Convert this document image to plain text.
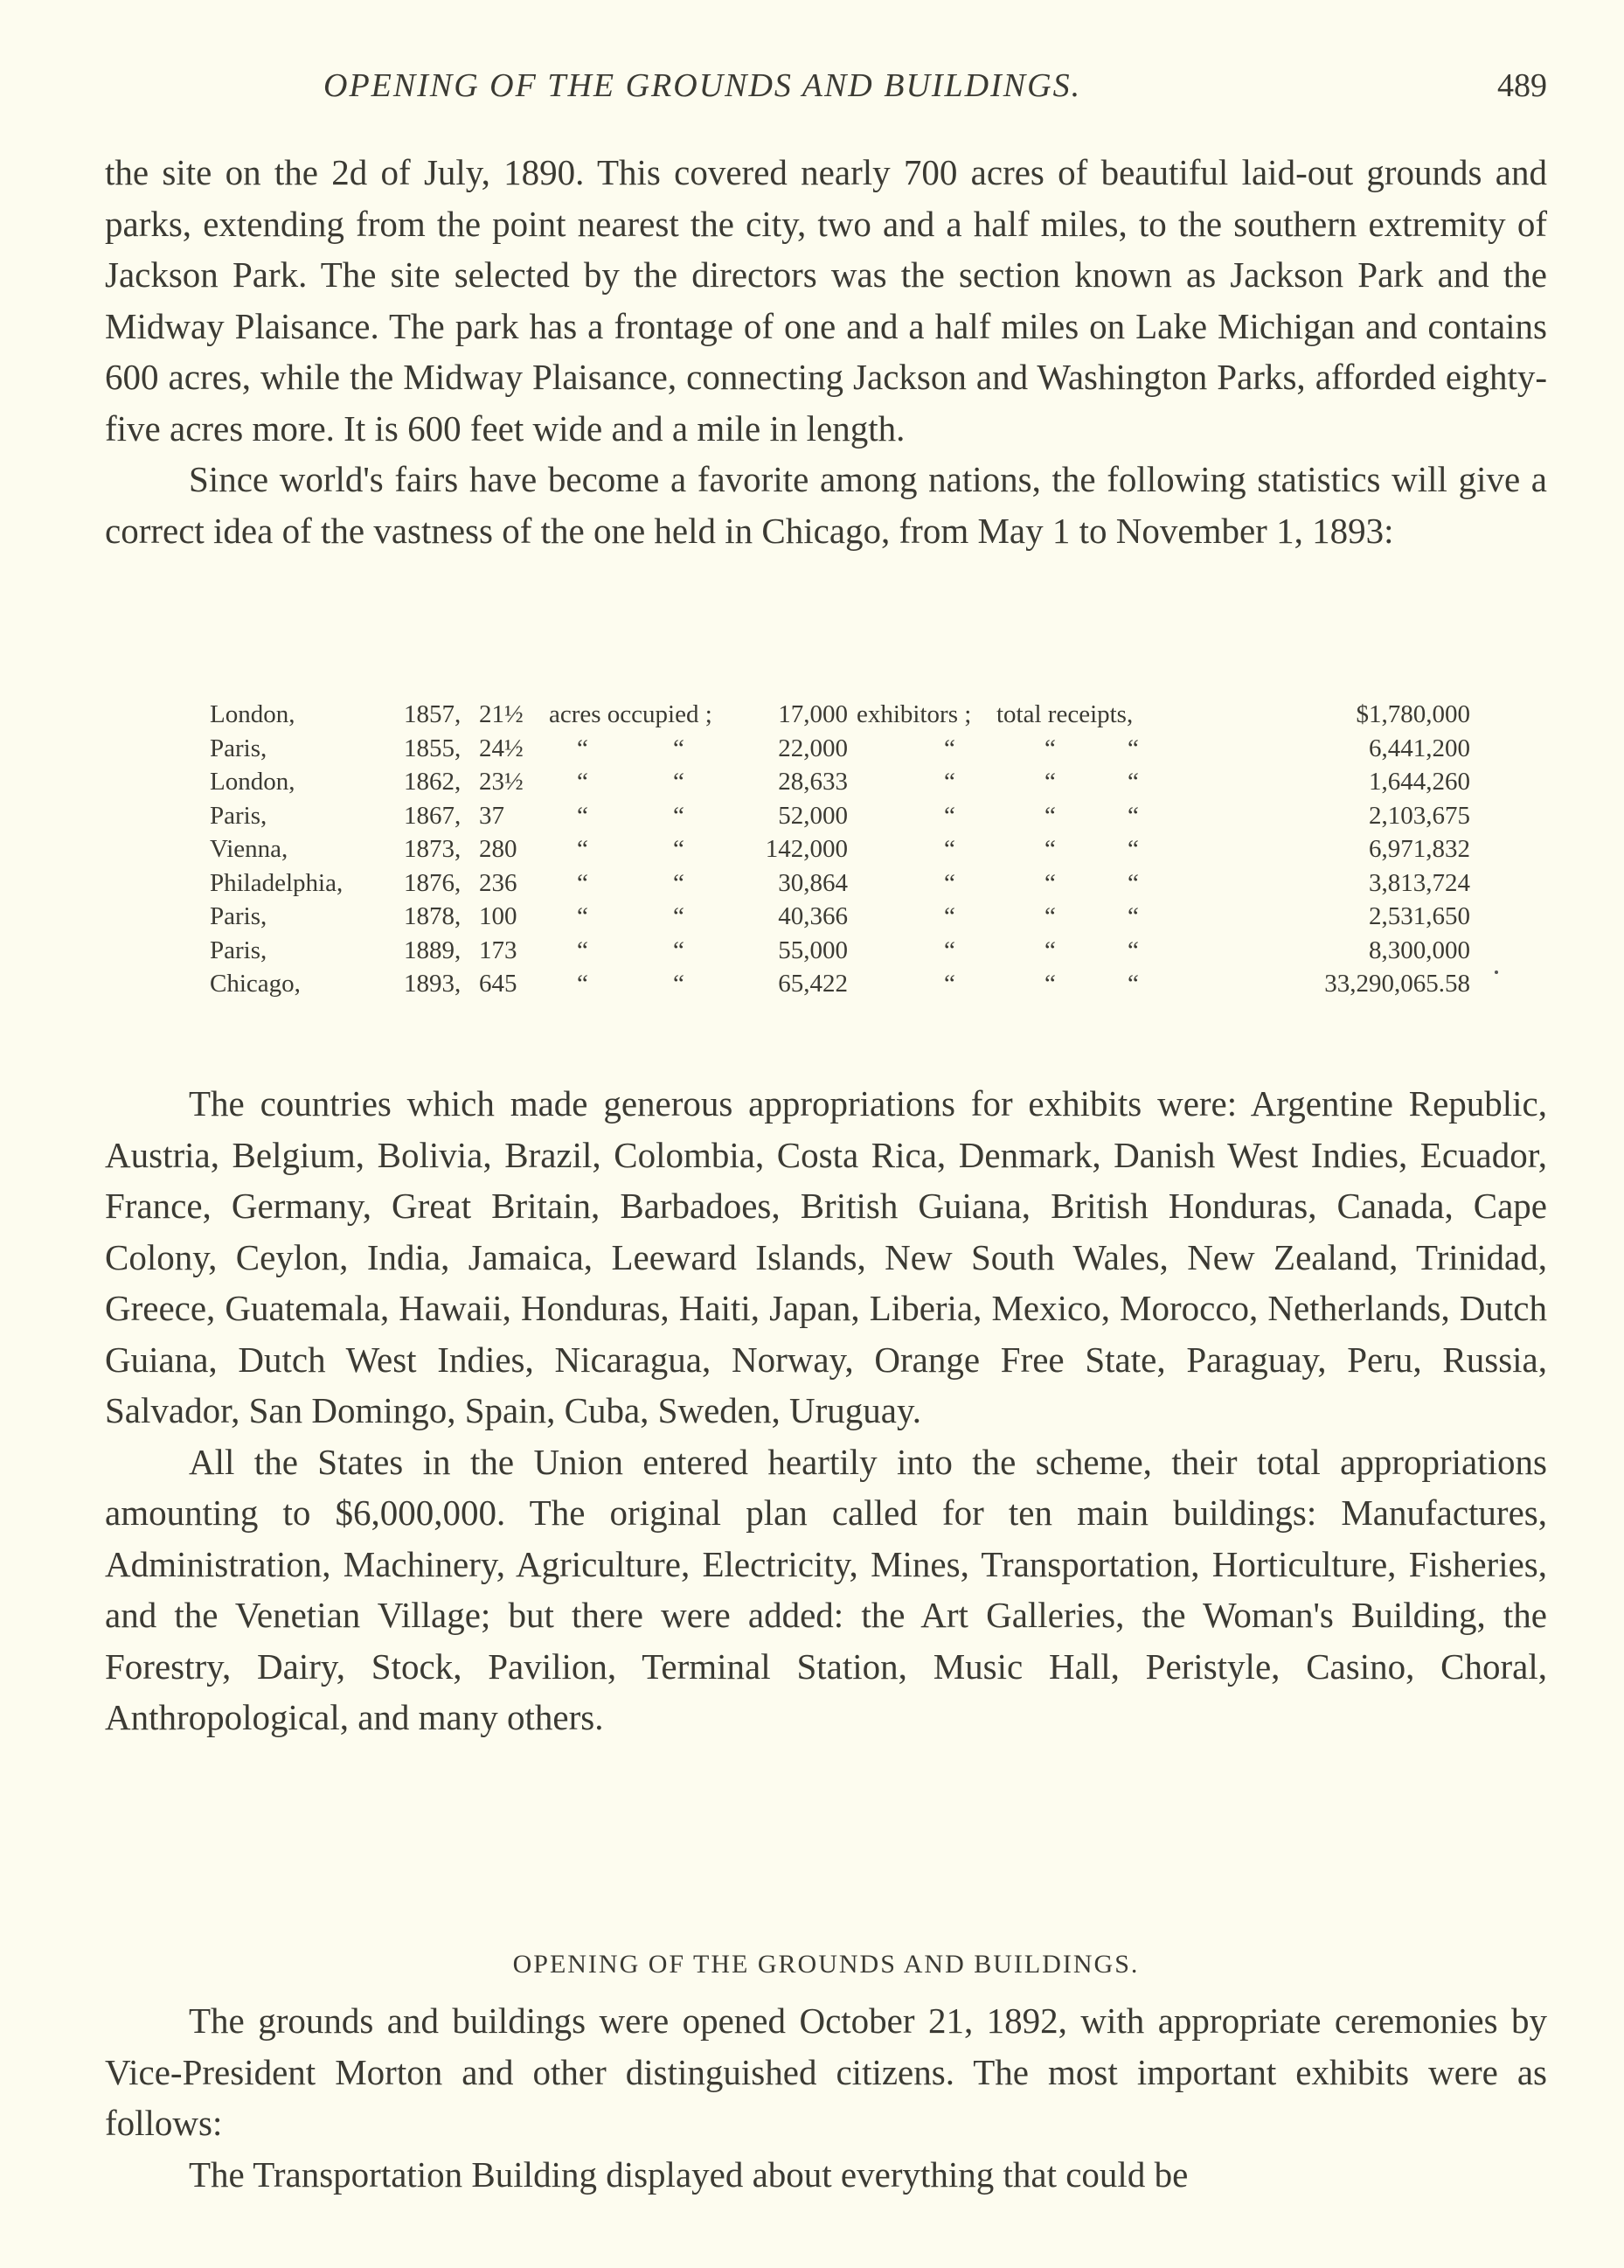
OPENING OF THE GROUNDS AND BUILDINGS.	489

the site on the 2d of July, 1890. This covered nearly 700 acres of beautiful laid-out grounds and parks, extending from the point nearest the city, two and a half miles, to the southern extremity of Jackson Park. The site selected by the directors was the section known as Jackson Park and the Midway Plaisance. The park has a frontage of one and a half miles on Lake Michigan and contains 600 acres, while the Midway Plaisance, connecting Jackson and Washington Parks, afforded eighty-five acres more. It is 600 feet wide and a mile in length.

Since world's fairs have become a favorite among nations, the following statistics will give a correct idea of the vastness of the one held in Chicago, from May 1 to November 1, 1893:

London,	1857, 21½ acres occupied ;	17,000 exhibitors ; total receipts,	$1,780,000
Paris,	1855, 24½ “	“	22,000	“	“	“	6,441,200
London,	1862, 23½ “	“	28,633	“	“	“	1,644,260
Paris,	1867, 37	“	“	52,000	“	“	“	2,103,675
Vienna,	1873, 280 “	“	142,000	“	“	“	6,971,832
Philadelphia, 1876, 236 “	“	30,864	“	“	“	3,813,724
Paris,	1878, 100 “	“	40,366	“	“	“	2,531,650
Paris,	1889, 173 “	“	55,000	“	“	“	8,300,000
Chicago,	1893, 645 “	“	65,422	“	“	“	33,290,065.58

The countries which made generous appropriations for exhibits were: Argentine Republic, Austria, Belgium, Bolivia, Brazil, Colombia, Costa Rica, Denmark, Danish West Indies, Ecuador, France, Germany, Great Britain, Barbadoes, British Guiana, British Honduras, Canada, Cape Colony, Ceylon, India, Jamaica, Leeward Islands, New South Wales, New Zealand, Trinidad, Greece, Guatemala, Hawaii, Honduras, Haiti, Japan, Liberia, Mexico, Morocco, Netherlands, Dutch Guiana, Dutch West Indies, Nicaragua, Norway, Orange Free State, Paraguay, Peru, Russia, Salvador, San Domingo, Spain, Cuba, Sweden, Uruguay.

All the States in the Union entered heartily into the scheme, their total appropriations amounting to $6,000,000. The original plan called for ten main buildings: Manufactures, Administration, Machinery, Agriculture, Electricity, Mines, Transportation, Horticulture, Fisheries, and the Venetian Village; but there were added: the Art Galleries, the Woman's Building, the Forestry, Dairy, Stock, Pavilion, Terminal Station, Music Hall, Peristyle, Casino, Choral, Anthropological, and many others.

OPENING OF THE GROUNDS AND BUILDINGS.

The grounds and buildings were opened October 21, 1892, with appropriate ceremonies by Vice-President Morton and other distinguished citizens. The most important exhibits were as follows:

The Transportation Building displayed about everything that could be
